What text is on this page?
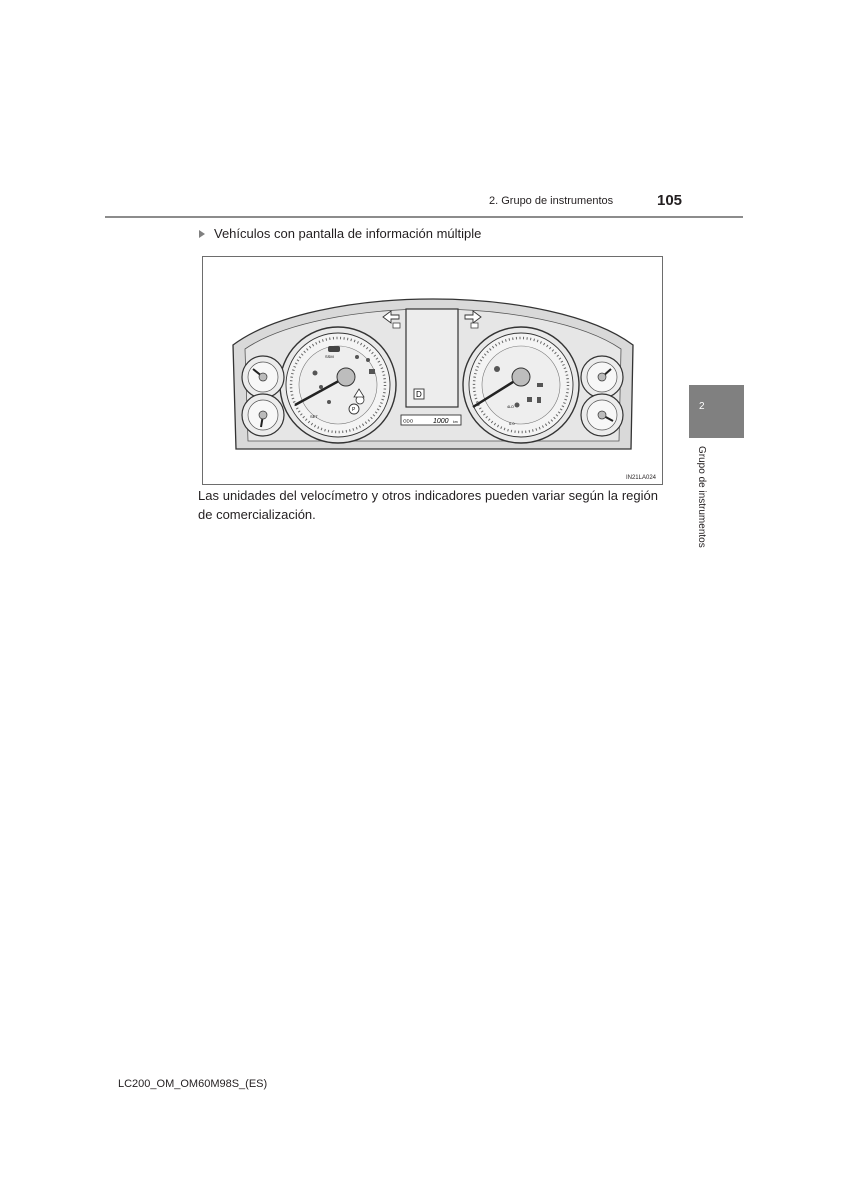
2. Grupo de instrumentos	105
Vehículos con pantalla de información múltiple
SSM
SET
P
0.0
4LO
D
ODO	1000 km
IN21LA024
Las unidades del velocímetro y otros indicadores pueden variar según la región de comercialización.
2
Grupo de instrumentos
LC200_OM_OM60M98S_(ES)
